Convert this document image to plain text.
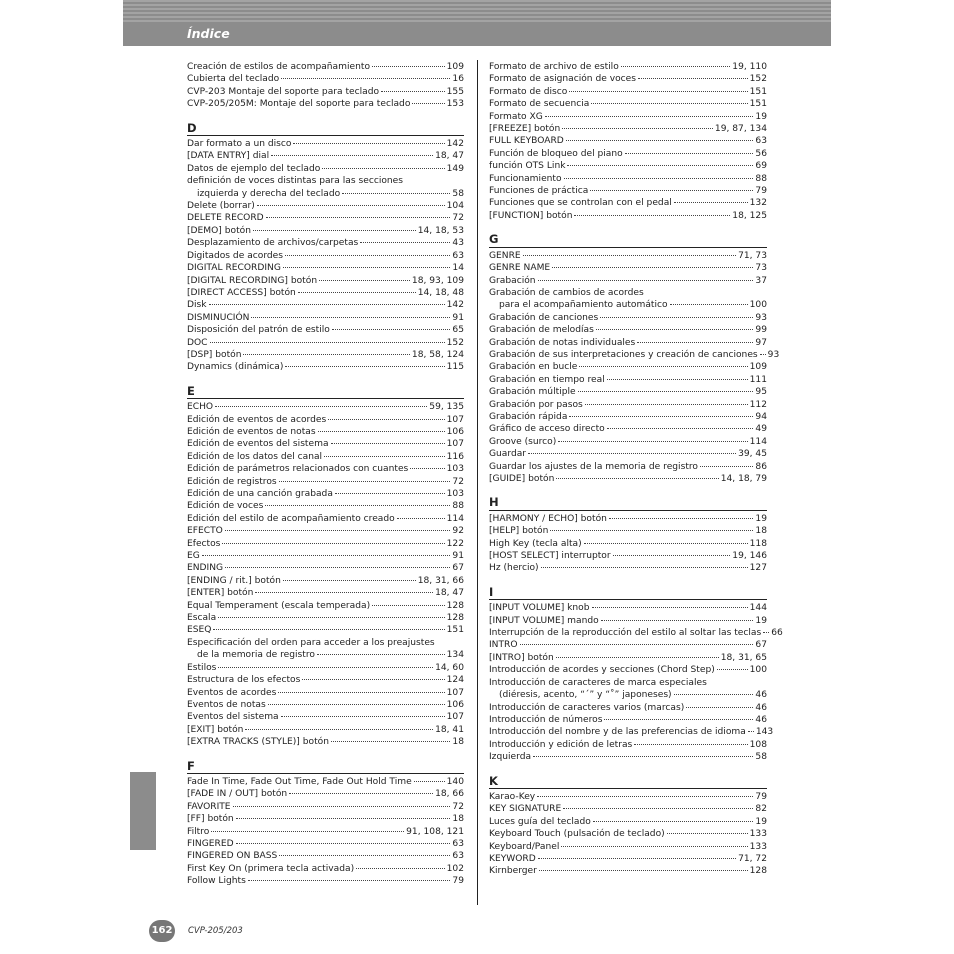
Índice
Creación de estilos de acompañamiento	109
Cubierta del teclado	16
CVP-203 Montaje del soporte para teclado	155
CVP-205/205M: Montaje del soporte para teclado	153
D
Dar formato a un disco	142
[DATA ENTRY] dial	18, 47
Datos de ejemplo del teclado	149
definición de voces distintas para las secciones
izquierda y derecha del teclado	58
Delete (borrar)	104
DELETE RECORD	72
[DEMO] botón	14, 18, 53
Desplazamiento de archivos/carpetas	43
Digitados de acordes	63
DIGITAL RECORDING	14
[DIGITAL RECORDING] botón	18, 93, 109
[DIRECT ACCESS] botón	14, 18, 48
Disk	142
DISMINUCIÓN	91
Disposición del patrón de estilo	65
DOC	152
[DSP] botón	18, 58, 124
Dynamics (dinámica)	115
E
ECHO	59, 135
Edición de eventos de acordes	107
Edición de eventos de notas	106
Edición de eventos del sistema	107
Edición de los datos del canal	116
Edición de parámetros relacionados con cuantes	103
Edición de registros	72
Edición de una canción grabada	103
Edición de voces	88
Edición del estilo de acompañamiento creado	114
EFECTO	92
Efectos	122
EG	91
ENDING	67
[ENDING / rit.] botón	18, 31, 66
[ENTER] botón	18, 47
Equal Temperament (escala temperada)	128
Escala	128
ESEQ	151
Especificación del orden para acceder a los preajustes
de la memoria de registro	134
Estilos	14, 60
Estructura de los efectos	124
Eventos de acordes	107
Eventos de notas	106
Eventos del sistema	107
[EXIT] botón	18, 41
[EXTRA TRACKS (STYLE)] botón	18
F
Fade In Time, Fade Out Time, Fade Out Hold Time	140
[FADE IN / OUT] botón	18, 66
FAVORITE	72
[FF] botón	18
Filtro	91, 108, 121
FINGERED	63
FINGERED ON BASS	63
First Key On (primera tecla activada)	102
Follow Lights	79
Formato de archivo de estilo	19, 110
Formato de asignación de voces	152
Formato de disco	151
Formato de secuencia	151
Formato XG	19
[FREEZE] botón	19, 87, 134
FULL KEYBOARD	63
Función de bloqueo del piano	56
función OTS Link	69
Funcionamiento	88
Funciones de práctica	79
Funciones que se controlan con el pedal	132
[FUNCTION] botón	18, 125
G
GENRE	71, 73
GENRE NAME	73
Grabación	37
Grabación de cambios de acordes
para el acompañamiento automático	100
Grabación de canciones	93
Grabación de melodías	99
Grabación de notas individuales	97
Grabación de sus interpretaciones y creación de canciones 93
Grabación en bucle	109
Grabación en tiempo real	111
Grabación múltiple	95
Grabación por pasos	112
Grabación rápida	94
Gráfico de acceso directo	49
Groove (surco)	114
Guardar	39, 45
Guardar los ajustes de la memoria de registro	86
[GUIDE] botón	14, 18, 79
H
[HARMONY / ECHO] botón	19
[HELP] botón	18
High Key (tecla alta)	118
[HOST SELECT] interruptor	19, 146
Hz (hercio)	127
I
[INPUT VOLUME] knob	144
[INPUT VOLUME] mando	19
Interrupción de la reproducción del estilo al soltar las teclas 66
INTRO	67
[INTRO] botón	18, 31, 65
Introducción de acordes y secciones (Chord Step)	100
Introducción de caracteres de marca especiales
(diéresis, acento, “ˊ” y “˚” japoneses)	46
Introducción de caracteres varios (marcas)	46
Introducción de números	46
Introducción del nombre y de las preferencias de idioma 143
Introducción y edición de letras	108
Izquierda	58
K
Karao-Key	79
KEY SIGNATURE	82
Luces guía del teclado	19
Keyboard Touch (pulsación de teclado)	133
Keyboard/Panel	133
KEYWORD	71, 72
Kirnberger	128
162	CVP-205/203
